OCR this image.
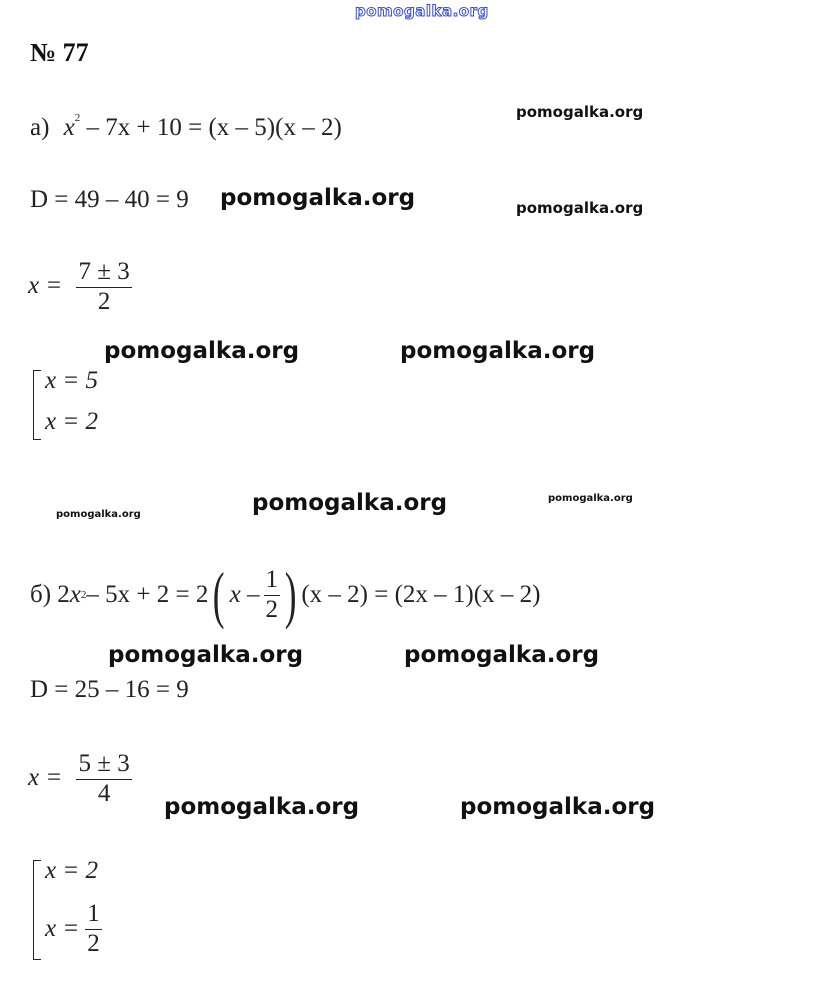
pomogalka.org
№ 77
а) $x^2 - 7x + 10 = (x - 5)(x - 2)$
pomogalka.org
D = 49 – 40 = 9 pomogalka.org	pomogalka.org
$x = \frac{7 \pm 3}{2}$
pomogalka.org	pomogalka.org
x = 5
x = 2
pomogalka.org	pomogalka.org	pomogalka.org
б) 2 x 2 – 5x + 2 = 2 ( x – $\frac{1}{2}$ ) (x – 2) = (2x – 1)(x – 2)
pomogalka.org	pomogalka.org
D = 25 – 16 = 9
$x = \frac{5 \pm 3}{4}$ pomogalka.org	pomogalka.org
x = 2
$x = \frac{1}{2}$
